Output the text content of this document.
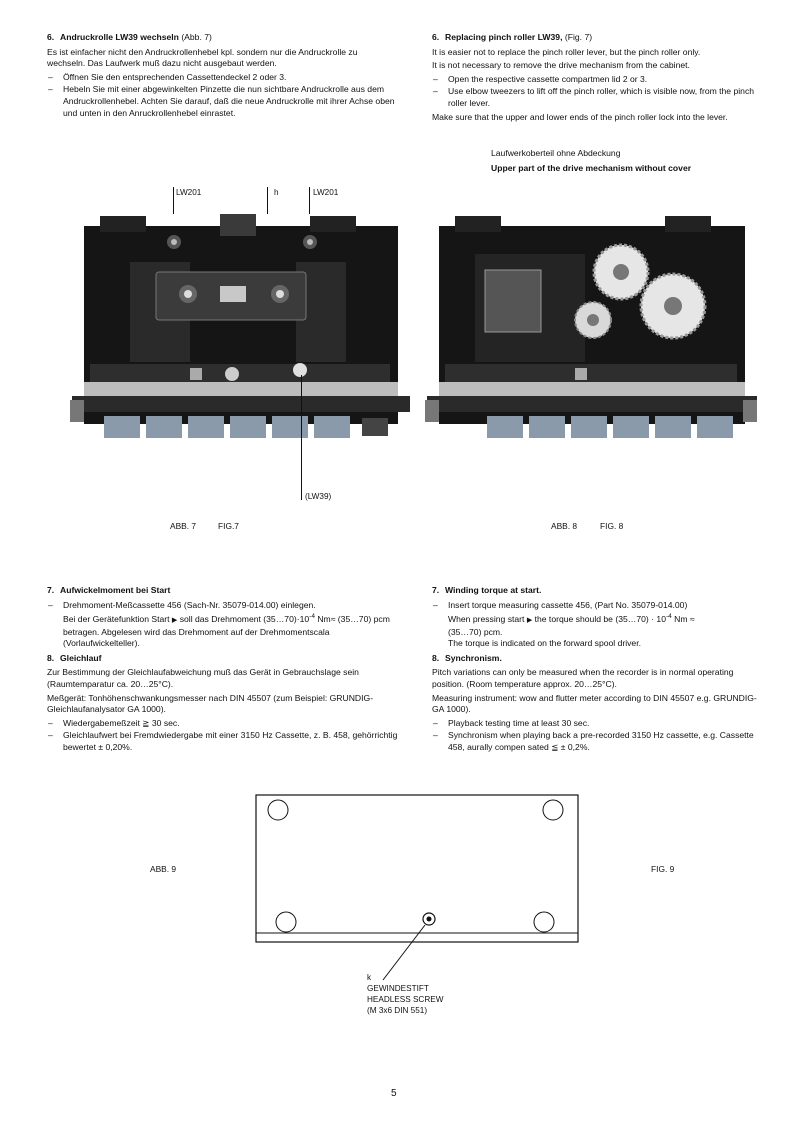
6. Andruckrolle LW39 wechseln (Abb. 7)

Es ist einfacher nicht den Andruckrollenhebel kpl. sondern nur die Andruckrolle zu wechseln. Das Laufwerk muß dazu nicht ausgebaut werden.

– Öffnen Sie den entsprechenden Cassettendeckel 2 oder 3.
– Hebeln Sie mit einer abgewinkelten Pinzette die nun sichtbare Andruckrolle aus dem Andruckrollenhebel. Achten Sie darauf, daß die neue Andruckrolle mit ihrer Achse oben und unten in den Anruckrollenhebel einrastet.
6. Replacing pinch roller LW39, (Fig. 7)

It is easier not to replace the pinch roller lever, but the pinch roller only.

It is not necessary to remove the drive mechanism from the cabinet.

– Open the respective cassette compartmen lid 2 or 3.
– Use elbow tweezers to lift off the pinch roller, which is visible now, from the pinch roller lever.

Make sure that the upper and lower ends of the pinch roller lock into the lever.

Laufwerkoberteil ohne Abdeckung
Upper part of the drive mechanism without cover
LW201	h	LW201
(LW39)
ABB. 7	FIG.7	ABB. 8	FIG. 8
7. Aufwickelmoment bei Start
– Drehmoment-Meßcassette 456 (Sach-Nr. 35079-014.00) einlegen.
Bei der Gerätefunktion Start ▶ soll das Drehmoment $(35\dots 70)\cdot 10^{-4}$ Nm≈ (35…70) pcm betragen. Abgelesen wird das Drehmoment auf der Drehmomentscala (Vorlaufwickelteller).
8. Gleichlauf

Zur Bestimmung der Gleichlaufabweichung muß das Gerät in Gebrauchslage sein (Raumtemparatur ca. 20…25°C).

Meßgerät: Tonhöhenschwankungsmesser nach DIN 45507 (zum Beispiel: GRUNDIG-Gleichlaufanalysator GA 1000).

– Wiedergabemeßzeit ≧ 30 sec.
– Gleichlaufwert bei Fremdwiedergabe mit einer 3150 Hz Cassette, z. B. 458, gehörrichtig bewertet ± 0,20%.
7. Winding torque at start.
– Insert torque measuring cassette 456, (Part No. 35079-014.00)
When pressing start ▶ the torque should be (35…70) · $10^{-4}$ Nm ≈
(35…70) pcm.
The torque is indicated on the forward spool driver.
8. Synchronism.

Pitch variations can only be measured when the recorder is in normal operating position. (Room temperature approx. 20…25°C).

Measuring instrument: wow and flutter meter according to DIN 45507 e.g. GRUNDIG-GA 1000).

– Playback testing time at least 30 sec.
– Synchronism when playing back a pre-recorded 3150 Hz cassette, e.g. Cassette 458, aurally compen sated ≦ ± 0,2%.
ABB. 9	FIG. 9
k
GEWINDESTIFT
HEADLESS SCREW
(M 3x6 DIN 551)
5
